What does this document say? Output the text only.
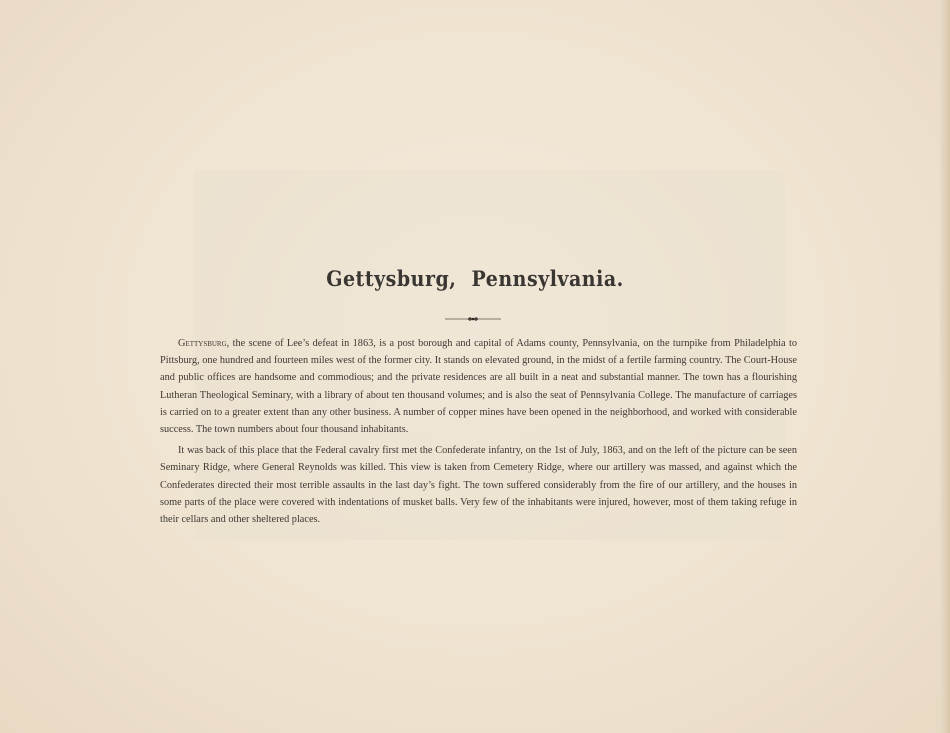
Gettysburg, Pennsylvania.

Gettysburg, the scene of Lee’s defeat in 1863, is a post borough and capital of Adams county, Pennsylvania, on the turnpike from Philadelphia to Pittsburg, one hundred and fourteen miles west of the former city. It stands on elevated ground, in the midst of a fertile farming country. The Court-House and public offices are handsome and commodious; and the private residences are all built in a neat and substantial manner. The town has a flourishing Lutheran Theological Seminary, with a library of about ten thousand volumes; and is also the seat of Pennsylvania College. The manufacture of carriages is carried on to a greater extent than any other business. A number of copper mines have been opened in the neighborhood, and worked with considerable success. The town numbers about four thousand inhabitants.

It was back of this place that the Federal cavalry first met the Confederate infantry, on the 1st of July, 1863, and on the left of the picture can be seen Seminary Ridge, where General Reynolds was killed. This view is taken from Cemetery Ridge, where our artillery was massed, and against which the Confederates directed their most terrible assaults in the last day’s fight. The town suffered considerably from the fire of our artillery, and the houses in some parts of the place were covered with indentations of musket balls. Very few of the inhabitants were injured, however, most of them taking refuge in their cellars and other sheltered places.
